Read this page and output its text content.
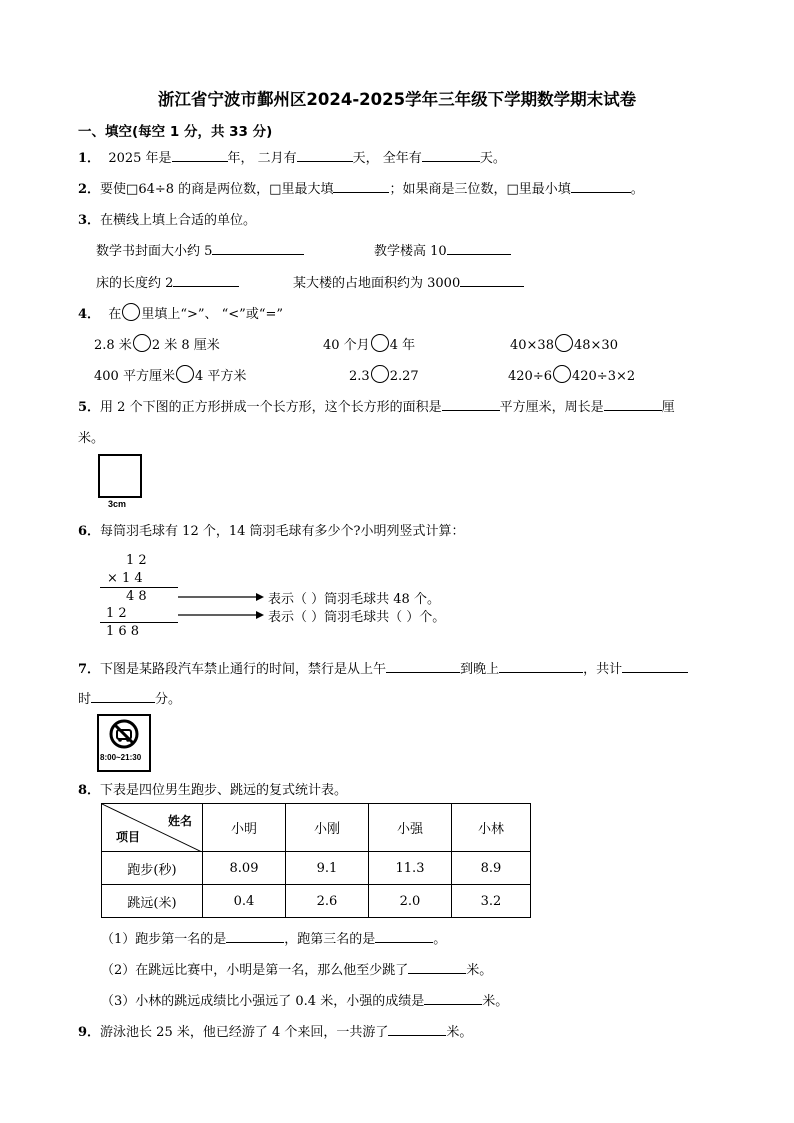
浙江省宁波市鄞州区2024-2025学年三年级下学期数学期末试卷
一、填空(每空 1 分，共 33 分)
1． 2025 年是	年， 二月有	天， 全年有	天。
2．要使□64÷8 的商是两位数，□里最大填	；如果商是三位数，□里最小填	。
3．在横线上填上合适的单位。
数学书封面大小约 5	教学楼高 10
床的长度约 2	某大楼的占地面积约为 3000
4． 在 里填上“>”、 “<”或“=”
2.8 米 2 米 8 厘米	40 个月 4 年	40×38 48×30
400 平方厘米 4 平方米	2.3 2.27	420÷6 420÷3×2
5．用 2 个下图的正方形拼成一个长方形，这个长方形的面积是	平方厘米，周长是	厘
米。
3cm
6．每筒羽毛球有 12 个，14 筒羽毛球有多少个?小明列竖式计算：
1 2
× 1 4
4 8
1 2
1 6 8
表示（ ）筒羽毛球共 48 个。
表示（ ）筒羽毛球共（ ）个。
7．下图是某路段汽车禁止通行的时间，禁行是从上午	到晚上	，共计
时	分。
8:00~21:30
8．下表是四位男生跑步、跳远的复式统计表。
姓名
项目	小明	小刚	小强	小林
跑步(秒)	8.09	9.1	11.3	8.9
跳远(米)	0.4	2.6	2.0	3.2
（1）跑步第一名的是	，跑第三名的是	。
（2）在跳远比赛中，小明是第一名，那么他至少跳了	米。
（3）小林的跳远成绩比小强远了 0.4 米，小强的成绩是	米。
9．游泳池长 25 米，他已经游了 4 个来回，一共游了	米。
